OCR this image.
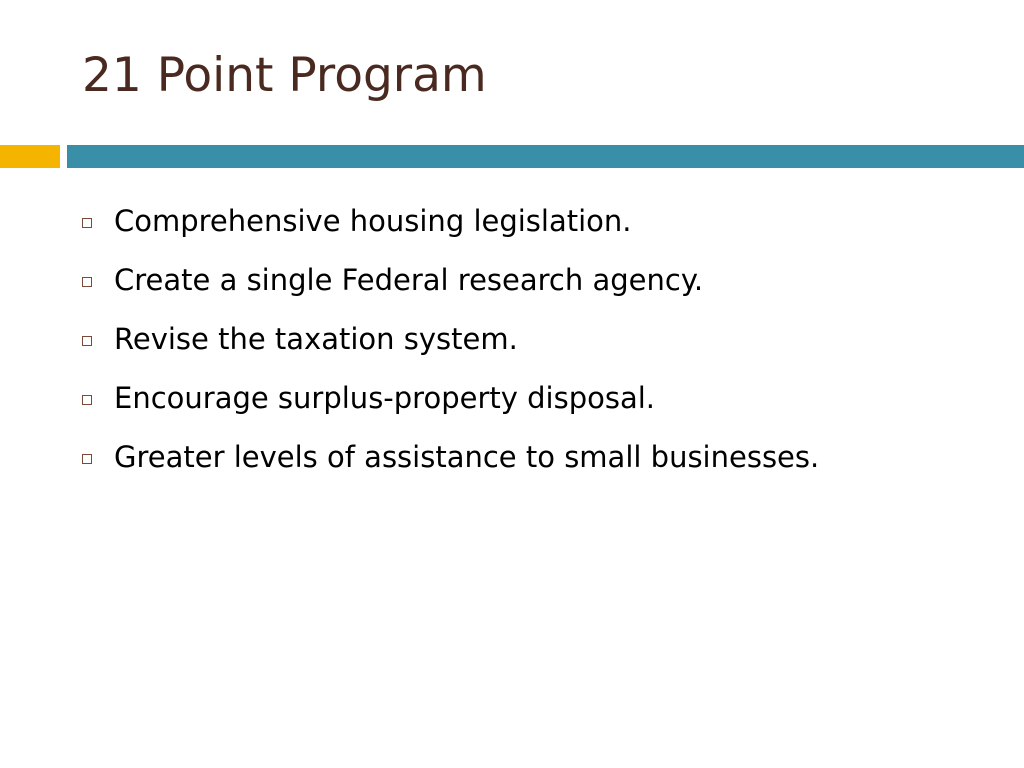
21 Point Program
Comprehensive housing legislation.
Create a single Federal research agency.
Revise the taxation system.
Encourage surplus-property disposal.
Greater levels of assistance to small businesses.
